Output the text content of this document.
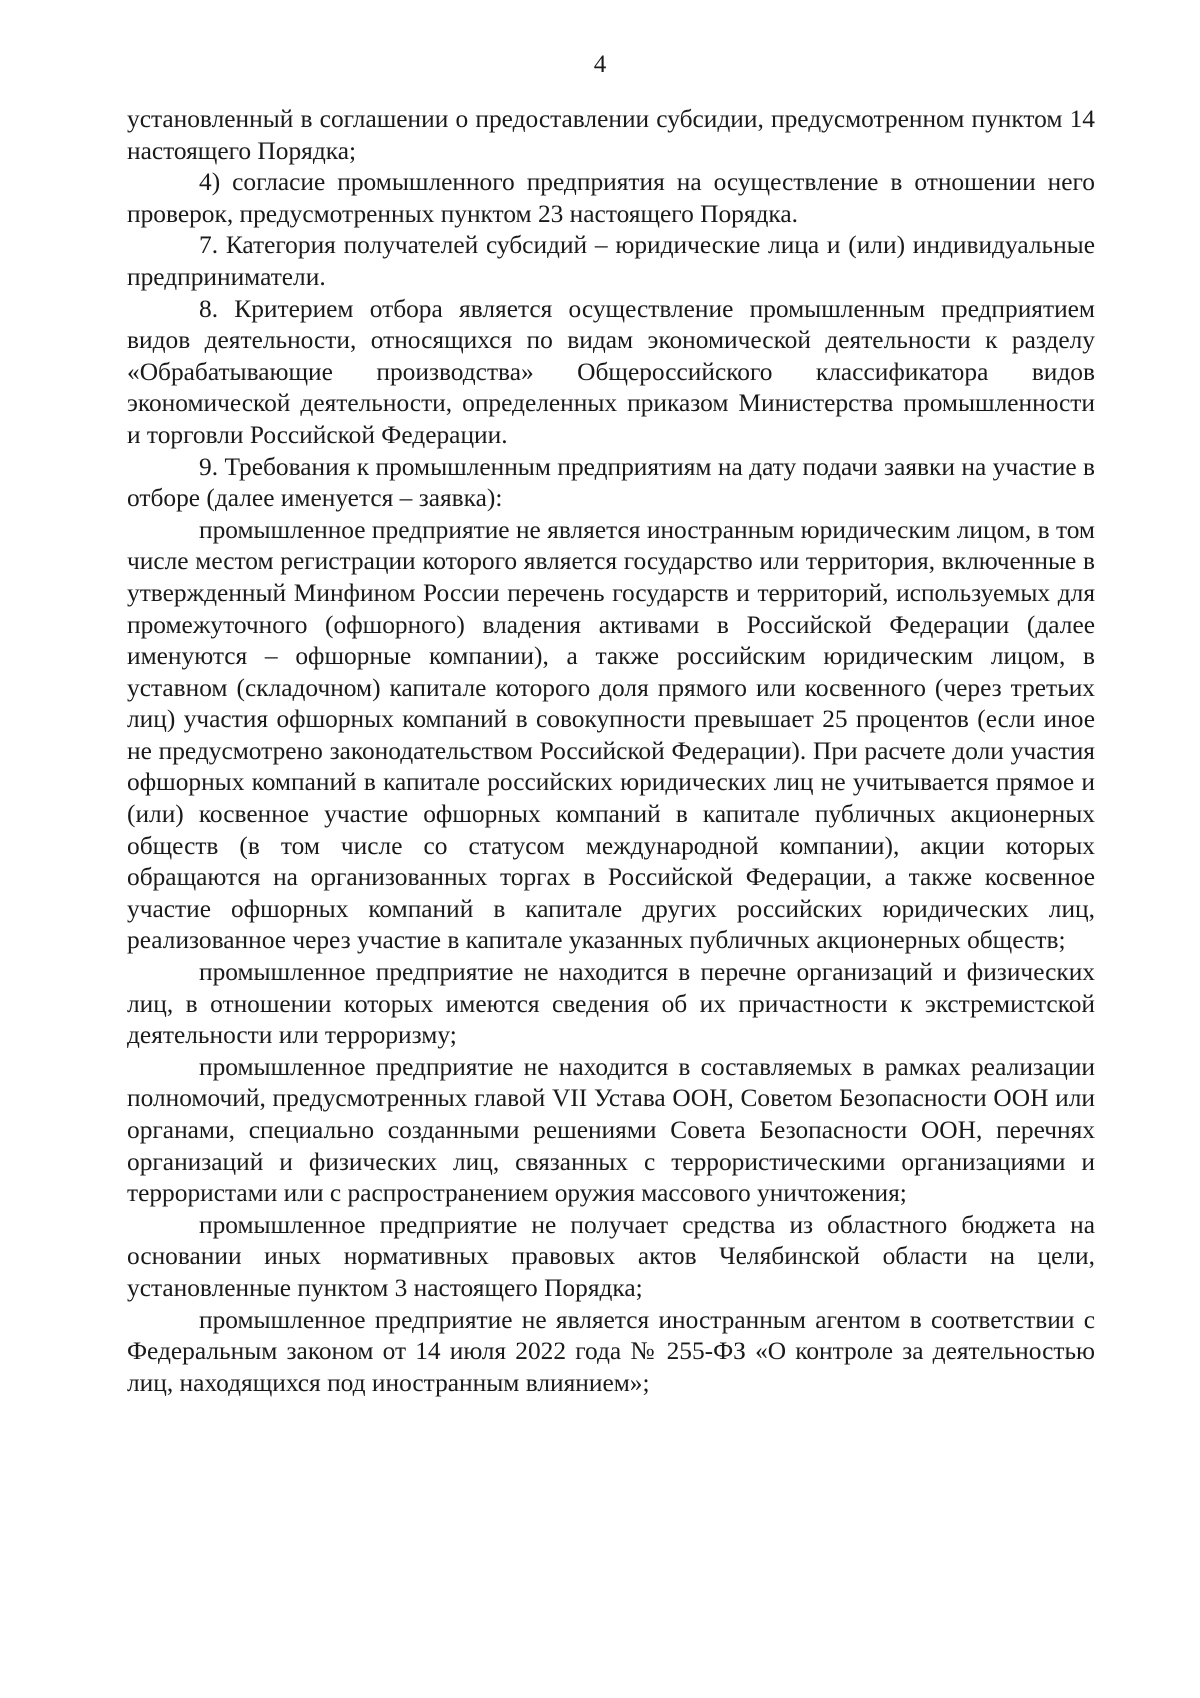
4

установленный в соглашении о предоставлении субсидии, предусмотренном пунктом 14 настоящего Порядка;

4) согласие промышленного предприятия на осуществление в отношении него проверок, предусмотренных пунктом 23 настоящего Порядка.

7. Категория получателей субсидий – юридические лица и (или) индивидуальные предприниматели.

8. Критерием отбора является осуществление промышленным предприятием видов деятельности, относящихся по видам экономической деятельности к разделу «Обрабатывающие производства» Общероссийского классификатора видов экономической деятельности, определенных приказом Министерства промышленности и торговли Российской Федерации.

9. Требования к промышленным предприятиям на дату подачи заявки на участие в отборе (далее именуется – заявка):

промышленное предприятие не является иностранным юридическим лицом, в том числе местом регистрации которого является государство или территория, включенные в утвержденный Минфином России перечень государств и территорий, используемых для промежуточного (офшорного) владения активами в Российской Федерации (далее именуются – офшорные компании), а также российским юридическим лицом, в уставном (складочном) капитале которого доля прямого или косвенного (через третьих лиц) участия офшорных компаний в совокупности превышает 25 процентов (если иное не предусмотрено законодательством Российской Федерации). При расчете доли участия офшорных компаний в капитале российских юридических лиц не учитывается прямое и (или) косвенное участие офшорных компаний в капитале публичных акционерных обществ (в том числе со статусом международной компании), акции которых обращаются на организованных торгах в Российской Федерации, а также косвенное участие офшорных компаний в капитале других российских юридических лиц, реализованное через участие в капитале указанных публичных акционерных обществ;

промышленное предприятие не находится в перечне организаций и физических лиц, в отношении которых имеются сведения об их причастности к экстремистской деятельности или терроризму;

промышленное предприятие не находится в составляемых в рамках реализации полномочий, предусмотренных главой VII Устава ООН, Советом Безопасности ООН или органами, специально созданными решениями Совета Безопасности ООН, перечнях организаций и физических лиц, связанных с террористическими организациями и террористами или с распространением оружия массового уничтожения;

промышленное предприятие не получает средства из областного бюджета на основании иных нормативных правовых актов Челябинской области на цели, установленные пунктом 3 настоящего Порядка;

промышленное предприятие не является иностранным агентом в соответствии с Федеральным законом от 14 июля 2022 года № 255-ФЗ «О контроле за деятельностью лиц, находящихся под иностранным влиянием»;
